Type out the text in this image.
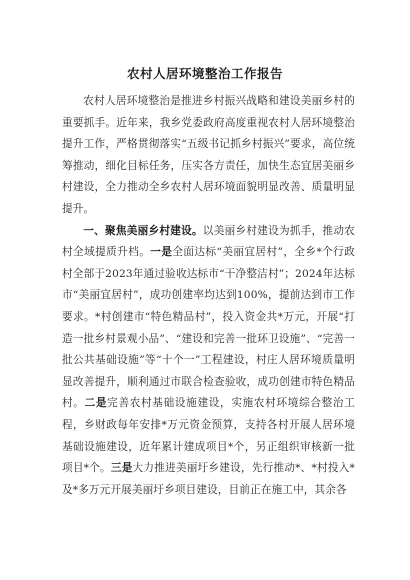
农村人居环境整治工作报告

农村人居环境整治是推进乡村振兴战略和建设美丽乡村的重要抓手。近年来，我乡党委政府高度重视农村人居环境整治提升工作，严格贯彻落实“五级书记抓乡村振兴”要求，高位统筹推动，细化目标任务，压实各方责任，加快生态宜居美丽乡村建设，全力推动全乡农村人居环境面貌明显改善、质量明显提升。

一、聚焦美丽乡村建设。以美丽乡村建设为抓手，推动农村全域提质升档。一是全面达标“美丽宜居村”，全乡*个行政村全部于2023年通过验收达标市“干净整洁村”；2024年达标市“美丽宜居村”，成功创建率均达到100%，提前达到市工作要求。*村创建市“特色精品村”，投入资金共*万元，开展“打造一批乡村景观小品”、“建设和完善一批环卫设施”、“完善一批公共基础设施”等“十个一”工程建设，村庄人居环境质量明显改善提升，顺利通过市联合检查验收，成功创建市特色精品村。二是完善农村基础设施建设，实施农村环境综合整治工程，乡财政每年安排*万元资金预算，支持各村开展人居环境基础设施建设，近年累计建成项目*个，另正组织审核新一批项目*个。三是大力推进美丽圩乡建设，先行推动*、*村投入*及*多万元开展美丽圩乡项目建设，目前正在施工中，其余各
